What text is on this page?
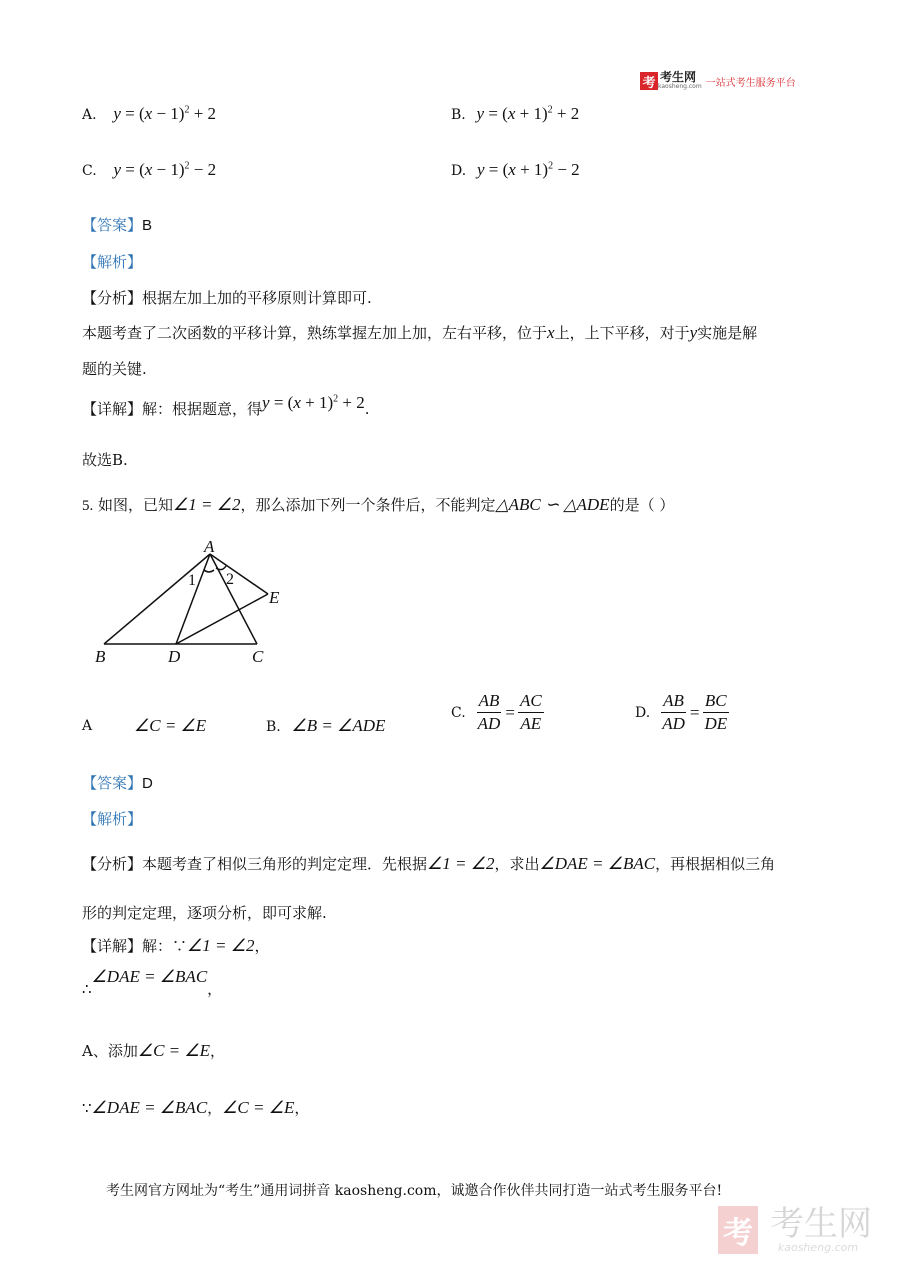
考 考生网
kaosheng.com 一站式考生服务平台
A. $y = (x - 1)^2 + 2$	B. $y = (x + 1)^2 + 2$
C. $y = (x - 1)^2 - 2$	D. $y = (x + 1)^2 - 2$
【答案】B
【解析】
【分析】根据左加上加的平移原则计算即可.
本题考查了二次函数的平移计算，熟练掌握左加上加，左右平移，位于x上，上下平移，对于y实施是解
题的关键.
【详解】解：根据题意，得$y = (x + 1)^2 + 2$.
故选B.
5. 如图，已知∠1 = ∠2，那么添加下列一个条件后，不能判定△ABC ∽ △ADE的是（ ）
A
B	C
D
E
1 2
A ∠C = ∠E	B. ∠B = ∠ADE
C. $\frac{AB}{AD} = \frac{AC}{AE}$	D. $\frac{AB}{AD} = \frac{BC}{DE}$
【答案】D
【解析】
【分析】本题考查了相似三角形的判定定理．先根据∠1 = ∠2，求出∠DAE = ∠BAC，再根据相似三角
形的判定定理，逐项分析，即可求解.
【详解】解：∵∠1 = ∠2，
∴∠DAE = ∠BAC，
A、添加∠C = ∠E，
∵∠DAE = ∠BAC，∠C = ∠E，
考生网官方网址为“考生”通用词拼音 kaosheng.com，诚邀合作伙伴共同打造一站式考生服务平台!
考 考生网
kaosheng.com
